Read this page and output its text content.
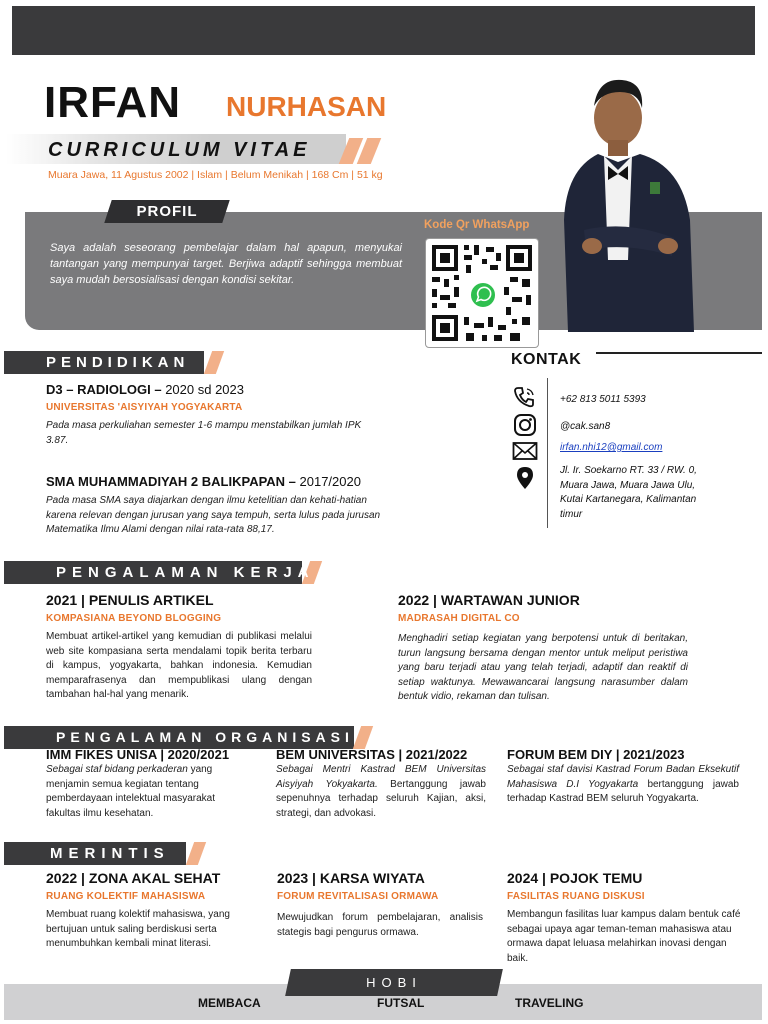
IRFAN NURHASAN
CURRICULUM VITAE
Muara Jawa, 11 Agustus 2002 | Islam | Belum Menikah | 168 Cm | 51 kg
PROFIL
Saya adalah seseorang pembelajar dalam hal apapun, menyukai tantangan yang mempunyai target. Berjiwa adaptif sehingga membuat saya mudah bersosialisasi dengan kondisi sekitar.
Kode Qr WhatsApp
PENDIDIKAN
D3 – RADIOLOGI – 2020 sd 2023
UNIVERSITAS 'AISYIYAH YOGYAKARTA
Pada masa perkuliahan semester 1-6 mampu menstabilkan jumlah IPK 3.87.
SMA MUHAMMADIYAH 2 BALIKPAPAN – 2017/2020
Pada masa SMA saya diajarkan dengan ilmu ketelitian dan kehati-hatian karena relevan dengan jurusan yang saya tempuh, serta lulus pada jurusan Matematika Ilmu Alami dengan nilai rata-rata 88,17.
KONTAK
+62 813 5011 5393
@cak.san8
irfan.nhi12@gmail.com
Jl. Ir. Soekarno RT. 33 / RW. 0, Muara Jawa, Muara Jawa Ulu, Kutai Kartanegara, Kalimantan timur
PENGALAMAN KERJA
2021 | PENULIS ARTIKEL
KOMPASIANA BEYOND BLOGGING
Membuat artikel-artikel yang kemudian di publikasi melalui web site kompasiana serta mendalami topik berita terbaru di kampus, yogyakarta, bahkan indonesia. Kemudian memparafrasenya dan mempublikasi ulang dengan tambahan hal-hal yang menarik.
2022 | WARTAWAN JUNIOR
MADRASAH DIGITAL CO
Menghadiri setiap kegiatan yang berpotensi untuk di beritakan, turun langsung bersama dengan mentor untuk meliput peristiwa yang baru terjadi atau yang telah terjadi, adaptif dan reaktif di setiap waktunya. Mewawancarai langsung narasumber dalam bentuk vidio, rekaman dan tulisan.
PENGALAMAN ORGANISASI
IMM FIKES UNISA | 2020/2021
Sebagai staf bidang perkaderan yang menjamin semua kegiatan tentang pemberdayaan intelektual masyarakat fakultas ilmu kesehatan.
BEM UNIVERSITAS | 2021/2022
Sebagai Mentri Kastrad BEM Universitas Aisyiyah Yokyakarta. Bertanggung jawab sepenuhnya terhadap seluruh Kajian, aksi, strategi, dan advokasi.
FORUM BEM DIY | 2021/2023
Sebagai staf davisi Kastrad Forum Badan Eksekutif Mahasiswa D.I Yogyakarta bertanggung jawab terhadap Kastrad BEM seluruh Yogyakarta.
MERINTIS
2022 | ZONA AKAL SEHAT
RUANG KOLEKTIF MAHASISWA
Membuat ruang kolektif mahasiswa, yang bertujuan untuk saling berdiskusi serta menumbuhkan kembali minat literasi.
2023 | KARSA WIYATA
FORUM REVITALISASI ORMAWA
Mewujudkan forum pembelajaran, analisis stategis bagi pengurus ormawa.
2024 | POJOK TEMU
FASILITAS RUANG DISKUSI
Membangun fasilitas luar kampus dalam bentuk café sebagai upaya agar teman-teman mahasiswa atau ormawa dapat leluasa melahirkan inovasi dengan baik.
HOBI
MEMBACA	FUTSAL	TRAVELING
